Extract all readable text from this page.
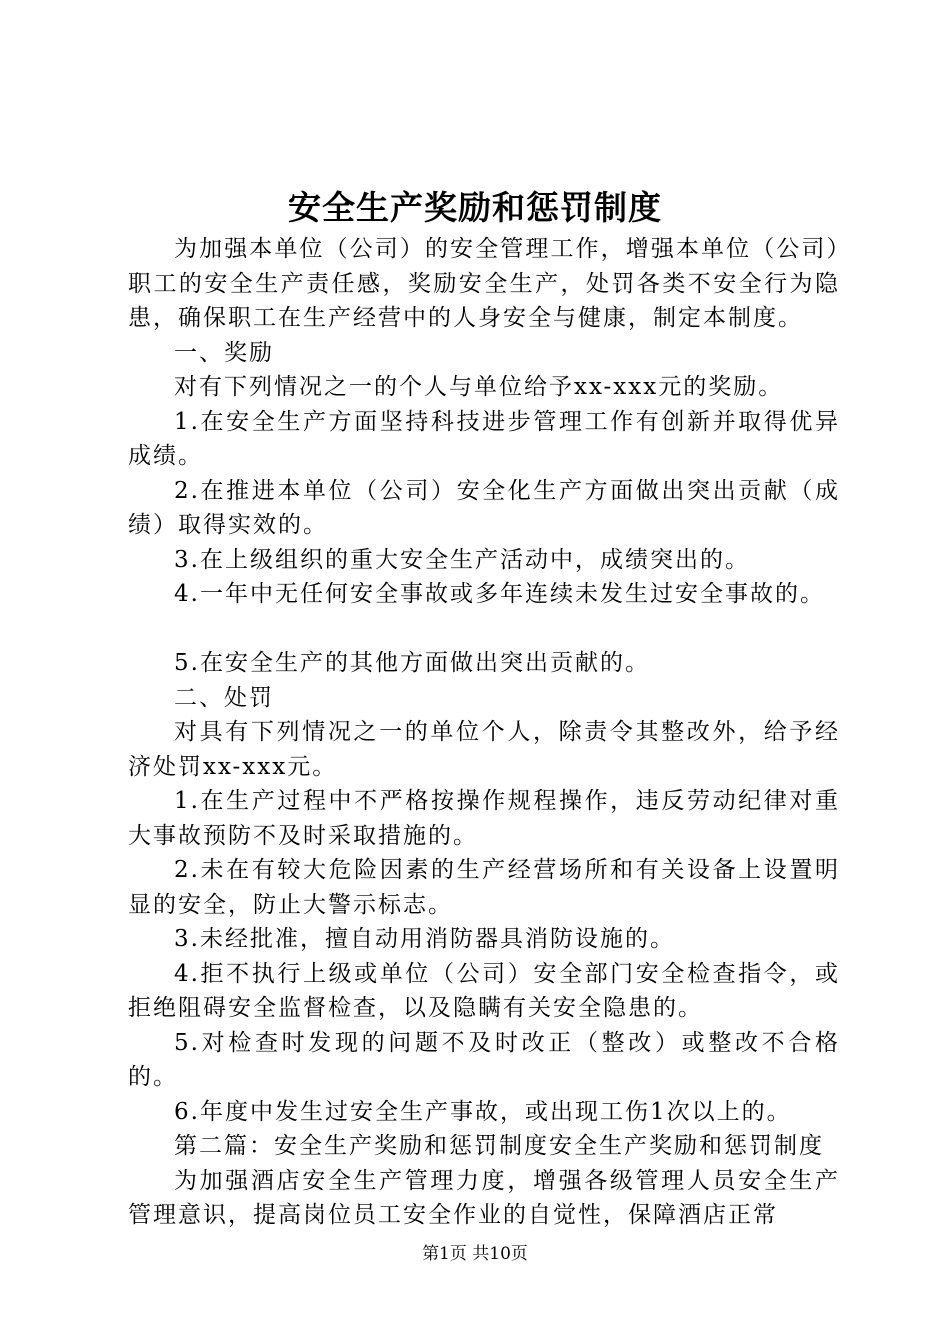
安全生产奖励和惩罚制度

为加强本单位（公司）的安全管理工作，增强本单位（公司）职工的安全生产责任感，奖励安全生产，处罚各类不安全行为隐患，确保职工在生产经营中的人身安全与健康，制定本制度。

一、奖励

对有下列情况之一的个人与单位给予xx-xxx元的奖励。

1.在安全生产方面坚持科技进步管理工作有创新并取得优异成绩。

2.在推进本单位（公司）安全化生产方面做出突出贡献（成绩）取得实效的。

3.在上级组织的重大安全生产活动中，成绩突出的。

4.一年中无任何安全事故或多年连续未发生过安全事故的。

5.在安全生产的其他方面做出突出贡献的。

二、处罚

对具有下列情况之一的单位个人，除责令其整改外，给予经济处罚xx-xxx元。

1.在生产过程中不严格按操作规程操作，违反劳动纪律对重大事故预防不及时采取措施的。

2.未在有较大危险因素的生产经营场所和有关设备上设置明显的安全，防止大警示标志。

3.未经批准，擅自动用消防器具消防设施的。

4.拒不执行上级或单位（公司）安全部门安全检查指令，或拒绝阻碍安全监督检查，以及隐瞒有关安全隐患的。

5.对检查时发现的问题不及时改正（整改）或整改不合格的。

6.年度中发生过安全生产事故，或出现工伤1次以上的。

第二篇：安全生产奖励和惩罚制度安全生产奖励和惩罚制度

为加强酒店安全生产管理力度，增强各级管理人员安全生产管理意识，提高岗位员工安全作业的自觉性，保障酒店正常

第1页 共10页
